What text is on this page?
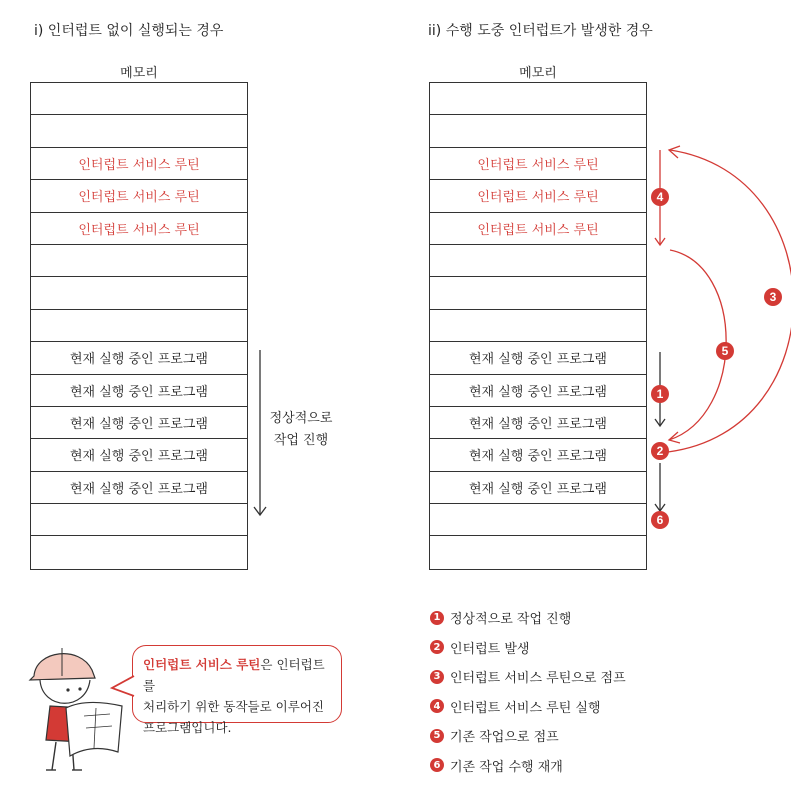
i) 인터럽트 없이 실행되는 경우	ii) 수행 도중 인터럽트가 발생한 경우
메모리	메모리
인터럽트 서비스 루틴
인터럽트 서비스 루틴
인터럽트 서비스 루틴
현재 실행 중인 프로그램
현재 실행 중인 프로그램
현재 실행 중인 프로그램
현재 실행 중인 프로그램
현재 실행 중인 프로그램
인터럽트 서비스 루틴
인터럽트 서비스 루틴
인터럽트 서비스 루틴
현재 실행 중인 프로그램
현재 실행 중인 프로그램
현재 실행 중인 프로그램
현재 실행 중인 프로그램
현재 실행 중인 프로그램
정상적으로
작업 진행
4
1
2
6
3
5
인터럽트 서비스 루틴은 인터럽트를
처리하기 위한 동작들로 이루어진
프로그램입니다.
1 정상적으로 작업 진행
2 인터럽트 발생
3 인터럽트 서비스 루틴으로 점프
4 인터럽트 서비스 루틴 실행
5 기존 작업으로 점프
6 기존 작업 수행 재개
